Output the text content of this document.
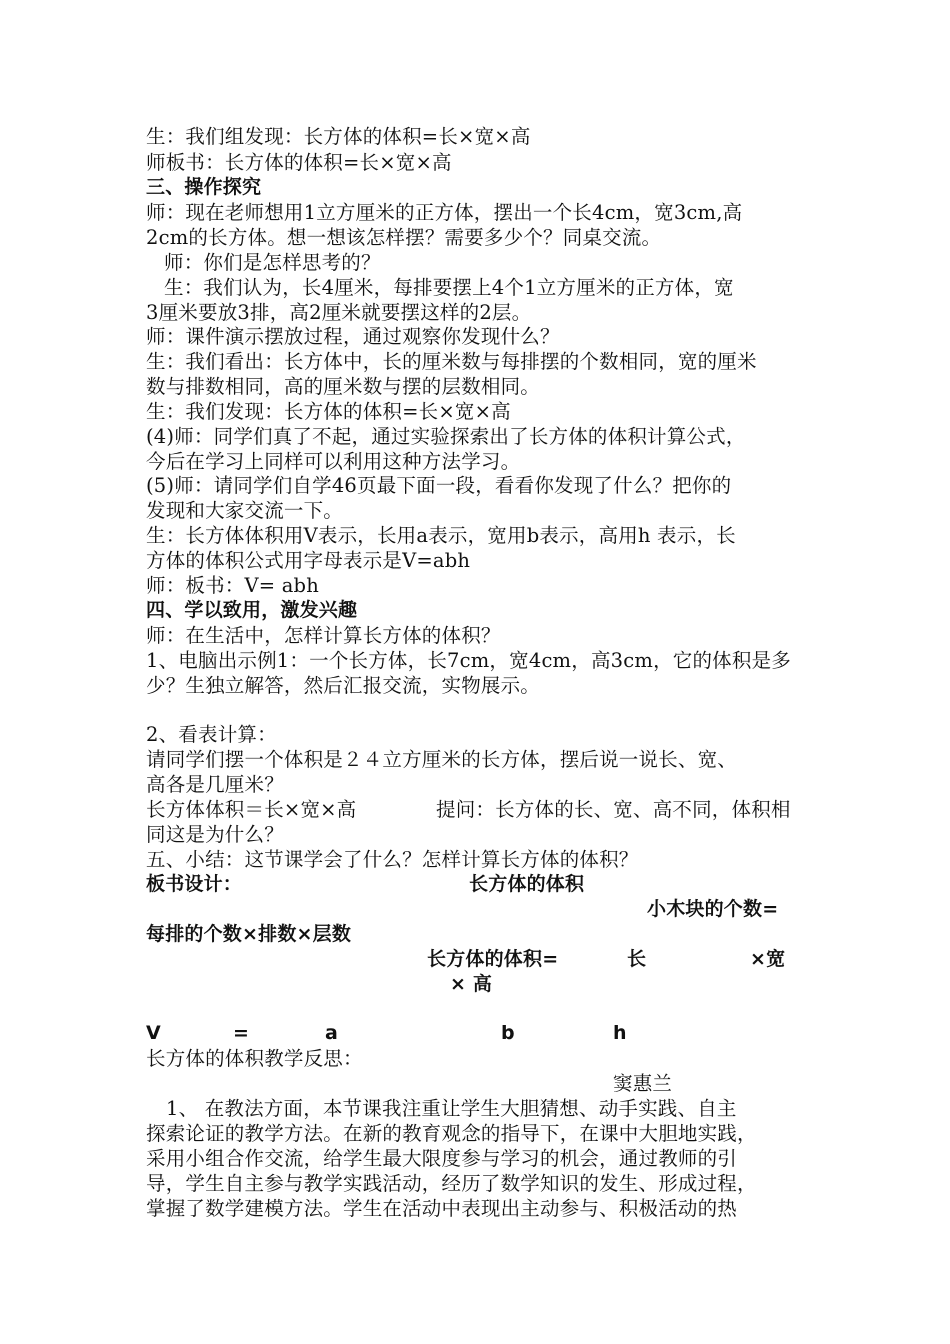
生：我们组发现：长方体的体积=长×宽×高
师板书：长方体的体积=长×宽×高
三、操作探究
师：现在老师想用1立方厘米的正方体，摆出一个长4cm，宽3cm,高
2cm的长方体。想一想该怎样摆？需要多少个？同桌交流。
师：你们是怎样思考的？
生：我们认为，长4厘米，每排要摆上4个1立方厘米的正方体，宽
3厘米要放3排，高2厘米就要摆这样的2层。
师：课件演示摆放过程，通过观察你发现什么？
生：我们看出：长方体中，长的厘米数与每排摆的个数相同，宽的厘米
数与排数相同，高的厘米数与摆的层数相同。
生：我们发现：长方体的体积=长×宽×高
(4)师：同学们真了不起，通过实验探索出了长方体的体积计算公式，
今后在学习上同样可以利用这种方法学习。
(5)师：请同学们自学46页最下面一段，看看你发现了什么？把你的
发现和大家交流一下。
生：长方体体积用V表示，长用a表示，宽用b表示，高用h 表示，长
方体的体积公式用字母表示是V=abh
师：板书：V= abh
四、学以致用，激发兴趣
师：在生活中，怎样计算长方体的体积？
1、电脑出示例1：一个长方体，长7cm，宽4cm，高3cm，它的体积是多
少？生独立解答，然后汇报交流，实物展示。
2、看表计算：
请同学们摆一个体积是２４立方厘米的长方体，摆后说一说长、宽、
高各是几厘米？
长方体体积＝长×宽×高	提问：长方体的长、宽、高不同，体积相
同这是为什么？
五、小结：这节课学会了什么？怎样计算长方体的体积？
板书设计：	长方体的体积
小木块的个数=
每排的个数×排数×层数
长方体的体积=	长	×宽
× 高
V	=	a	b	h
长方体的体积教学反思：
窦惠兰
1、 在教法方面，本节课我注重让学生大胆猜想、动手实践、自主
探索论证的教学方法。在新的教育观念的指导下，在课中大胆地实践，
采用小组合作交流，给学生最大限度参与学习的机会，通过教师的引
导，学生自主参与教学实践活动，经历了数学知识的发生、形成过程，
掌握了数学建模方法。学生在活动中表现出主动参与、积极活动的热
